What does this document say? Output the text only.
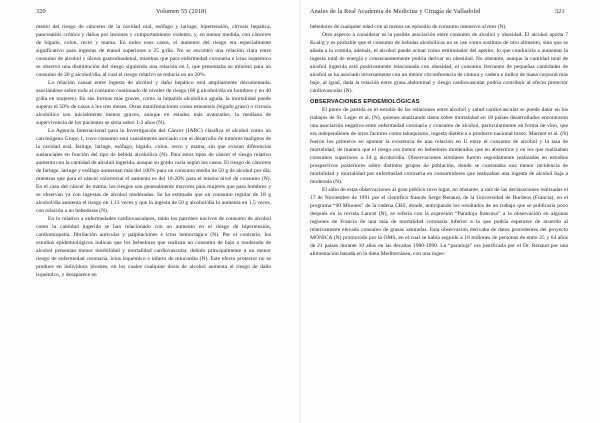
320	Volumen 55 (2018)

mento del riesgo de cánceres de la cavidad oral, esófago y laringe, hipertensión, cirrosis hepática, pancreatitis crónica y daños por lesiones y comportamiento violento, y, en menor medida, con cánceres de hígado, colon, recto y mama. En todos esos casos, el aumento del riesgo era especialmente significativo para ingestas de etanol superiores a 25 g/día. No se encontró una relación clara entre consumo de alcohol y úlcera gastroduodenal, mientras que para enfermedad coronaria e ictus isquémico se observó una disminución del riesgo siguiendo una relación en J, que presentaba su mínimo para un consumo de 20 g alcohol/día, al cual el riesgo relativo se reducía en un 20%.

La relación causal entre ingesta de alcohol y daño hepático está ampliamente documentada, asociándose sobre todo al consumo continuado de niveles de riesgo (60 g alcohol/día en hombres y en 40 g/día en mujeres). En sus formas más graves, como la hepatitis alcohólica aguda, la mortalidad puede superar el 50% de casos a los tres meses. Otras manifestaciones como esteatosis (hígado graso) o cirrosis alcohólica son inicialmente menos graves, aunque en estados más avanzados, la mediana de supervivencia de los pacientes se sitúa sobre 1-2 años (N).

La Agencia Internacional para la Investigación del Cáncer (IARC) clasifica el alcohol como un carcinógeno Grupo 1, cuyo consumo está causalmente asociado con el desarrollo de tumores malignos de la cavidad oral, faringe, laringe, esófago, hígado, colon, recto y mama, sin que existan diferencias sustanciales en función del tipo de bebida alcohólica (N). Para estos tipos de cáncer el riesgo relativo aumenta con la cantidad de alcohol ingerida, aunque su grado varía según los casos. El riesgo de cánceres de faringe, laringe y esófago aumentan más del 100% para un consumo medio de 50 g de alcohol por día, mientras que para el cáncer colorrectal el aumento es del 10-20% para el mismo nivel de consumo (N). En el caso del cáncer de mama, los riesgos son generalmente mayores para mujeres que para hombres y se observan ya con ingestas de alcohol moderadas. Se ha estimado que un consumo regular de 18 g alcohol/día aumenta el riesgo en 1,13 veces y que la ingesta de 50 g alcohol/día lo aumenta en 1,5 veces, con relación a no bebedoras (N).

En lo relativo a enfermedades cardiovasculares, tanto los patrones nocivos de consumo de alcohol como la cantidad ingerida se han relacionado con un aumento en el riesgo de hipertensión, cardiomiopatía, fibrilación auricular y palpitaciones e ictus hemorrágico (N). Por el contrario, los estudios epidemiológicos indican que los bebedores que realizan un consumo de bajo a moderado de alcohol presentan menor morbilidad y mortalidad cardiovascular, debido principalmente a un menor riesgo de enfermedad coronaria, ictus isquémico e infarto de miocardio (N). Este efecto protector no se produce en individuos jóvenes, en los cuales cualquier dosis de alcohol aumenta el riesgo de daño isquémico, y desaparece en

Anales de la Real Academia de Medicina y Cirugía de Valladolid	321

bebedores de cualquier edad con al menos un episodio de consumo intensivo al mes (N).

Otro aspecto a considerar es la posible asociación entre consumo de alcohol y obesidad. El alcohol aporta 7 Kcal/g y es probable que el consumo de bebidas alcohólicas no se use como sustituto de otro alimento, sino que se añada a la comida, además, el alcohol puede actuar como estimulador del apetito, lo que conduciría a aumentar la ingesta total de energía y consecuentemente podría derivar en obesidad. No obstante, aunque la cantidad total de alcohol ingerida está positivamente relacionada con obesidad, el consumo frecuente de pequeñas cantidades de alcohol se ha asociado inversamente con un menor circunferencia de cintura y cadera e índice de masa corporal más bajo, al igual, dada la relación entre grasa abdominal y riesgo cardiovascular podría contribuir al efecto protector cardiovascular (N).

OBSERVACIONES EPIDEMIOLÓGICAS

El punto de partida es el estudio de las relaciones entre alcohol y salud cardiovascular se puede datar en los trabajos de St. Leger et al. (N), quienes analizando datos sobre mortalidad en 18 países desarrollados encontraron una asociación negativa entre enfermedad coronaria y consumo de alcohol, particularmente en forma de vino, que era independiente de otros factores como tabaquismo, ingesta dietética o producto nacional bruto. Marmot et al. (N) fueron los primeros en apuntar la existencia de una relación en U entre el consumo de alcohol y la tasa de mortalidad, de manera que el riesgo era menor en bebedores moderados que en abstemios y en los que realizaban consumos superiores a 34 g alcohol/día. Observaciones similares fueron seguidamente realizadas en estudios prospectivos posteriores sobre distintos grupos de población, donde se constataba una menor incidencia de morbilidad y mortalidad por enfermedad coronaria en consumidores que realizaban una ingesta de alcohol baja a moderada (N).

El salto de estas observaciones al gran público tuvo lugar, no obstante, a raíz de las declaraciones realizadas el 17 de Noviembre de 1991 por el científico francés Serge Renaud, de la Universidad de Burdeos (Francia), en el programa “60 Minutes” de la cadena CBS, donde, anticipando los resultados de un trabajo que se publicaría poco después en la revista Lancet (N), se refería con la expresión “Paradoja francesa” a la observación en algunas regiones de Francia de una tasa de mortalidad coronaria inferior a la que podría esperarse de acuerdo al relativamente elevado consumo de grasas saturadas. Esta observación derivaba de datos procedentes del proyecto MONICA (N) promovido por la OMS, en el cual se había seguido a 10 millones de personas de entre 25 y 64 años de 21 países durante 10 años en las décadas 1980-1990. La “paradoja” era justificada por el Dr. Renaud por una alimentación basada en la dieta Mediterránea, con una inges-
